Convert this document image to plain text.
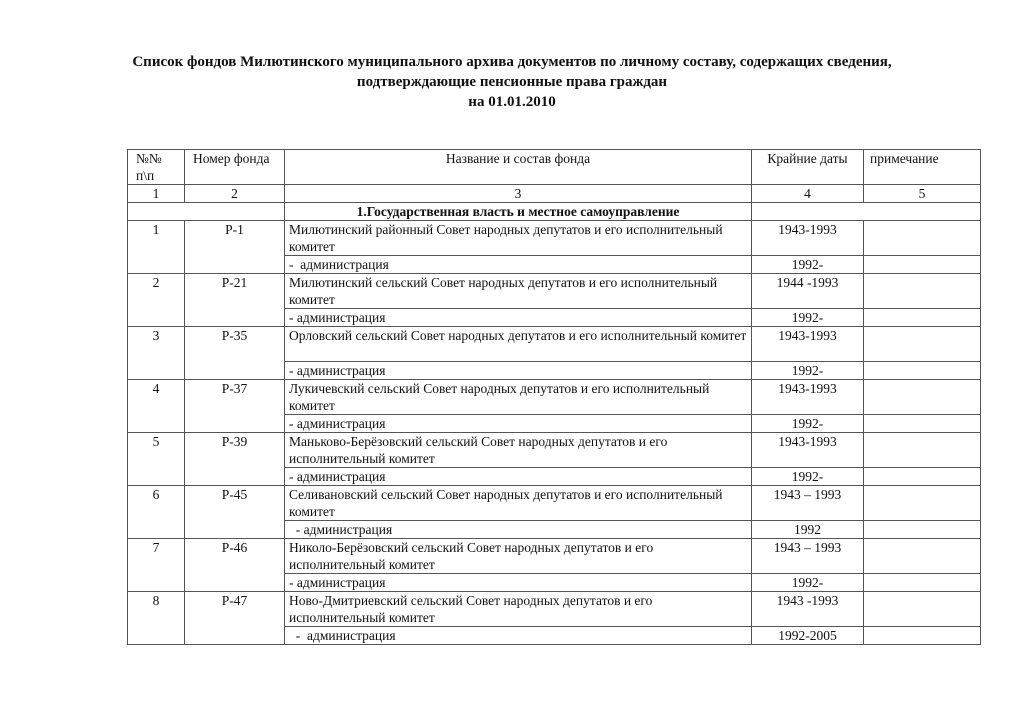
Список фондов Милютинского муниципального архива документов по личному составу, содержащих сведения,
подтверждающие пенсионные права граждан
на 01.01.2010
№№ п\п	Номер фонда	Название и состав фонда	Крайние даты	примечание
1	2	3	4	5
		1.Государственная власть и местное самоуправление		
1	Р-1	Милютинский районный Совет народных депутатов и его исполнительный комитет	1943-1993	
		-  администрация	1992-	
2	Р-21	Милютинский сельский Совет народных депутатов и его исполнительный комитет	1944 -1993	
		- администрация	1992-	
3	Р-35	Орловский сельский Совет народных депутатов и его исполнительный комитет	1943-1993	
		- администрация	1992-	
4	Р-37	Лукичевский сельский Совет народных депутатов и его исполнительный комитет	1943-1993	
		- администрация	1992-	
5	Р-39	Маньково-Берёзовский сельский Совет народных депутатов и его исполнительный комитет	1943-1993	
		- администрация	1992-	
6	Р-45	Селивановский сельский Совет народных депутатов и его исполнительный комитет	1943 – 1993	
		- администрация	1992	
7	Р-46	Николо-Берёзовский сельский Совет народных депутатов и его исполнительный комитет	1943 – 1993	
		- администрация	1992-	
8	Р-47	Ново-Дмитриевский сельский Совет народных депутатов и его исполнительный комитет	1943 -1993	
		-  администрация	1992-2005	
